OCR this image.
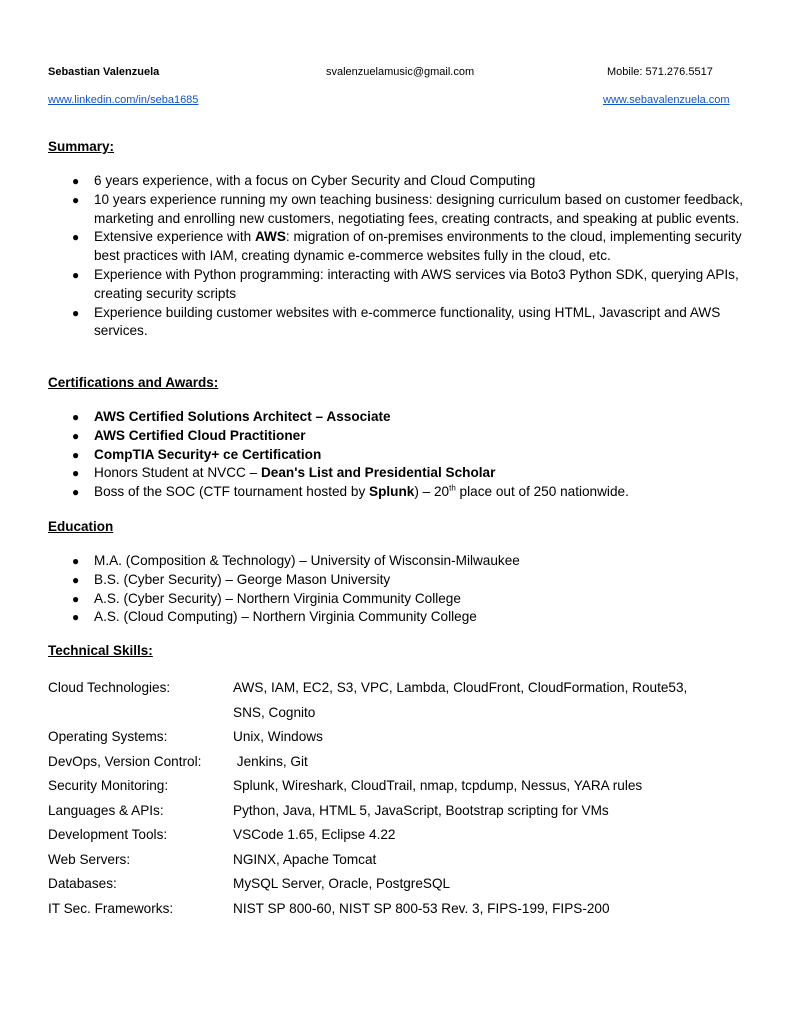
Sebastian Valenzuela	svalenzuelamusic@gmail.com	Mobile: 571.276.5517
www.linkedin.com/in/seba1685	www.sebavalenzuela.com
Summary:
● 6 years experience, with a focus on Cyber Security and Cloud Computing
● 10 years experience running my own teaching business: designing curriculum based on customer feedback, marketing and enrolling new customers, negotiating fees, creating contracts, and speaking at public events.
● Extensive experience with AWS: migration of on-premises environments to the cloud, implementing security best practices with IAM, creating dynamic e-commerce websites fully in the cloud, etc.
● Experience with Python programming: interacting with AWS services via Boto3 Python SDK, querying APIs, creating security scripts
● Experience building customer websites with e-commerce functionality, using HTML, Javascript and AWS services.
Certifications and Awards:
● AWS Certified Solutions Architect – Associate
● AWS Certified Cloud Practitioner
● CompTIA Security+ ce Certification
● Honors Student at NVCC – Dean's List and Presidential Scholar
● Boss of the SOC (CTF tournament hosted by Splunk) – 20th place out of 250 nationwide.
Education
● M.A. (Composition & Technology) – University of Wisconsin-Milwaukee
● B.S. (Cyber Security) – George Mason University
● A.S. (Cyber Security) – Northern Virginia Community College
● A.S. (Cloud Computing) – Northern Virginia Community College
Technical Skills:
Cloud Technologies:	AWS, IAM, EC2, S3, VPC, Lambda, CloudFront, CloudFormation, Route53,
SNS, Cognito
Operating Systems:	Unix, Windows
DevOps, Version Control:	Jenkins, Git
Security Monitoring:	Splunk, Wireshark, CloudTrail, nmap, tcpdump, Nessus, YARA rules
Languages & APIs:	Python, Java, HTML 5, JavaScript, Bootstrap scripting for VMs
Development Tools:	VSCode 1.65, Eclipse 4.22
Web Servers:	NGINX, Apache Tomcat
Databases:	MySQL Server, Oracle, PostgreSQL
IT Sec. Frameworks:	NIST SP 800-60, NIST SP 800-53 Rev. 3, FIPS-199, FIPS-200
